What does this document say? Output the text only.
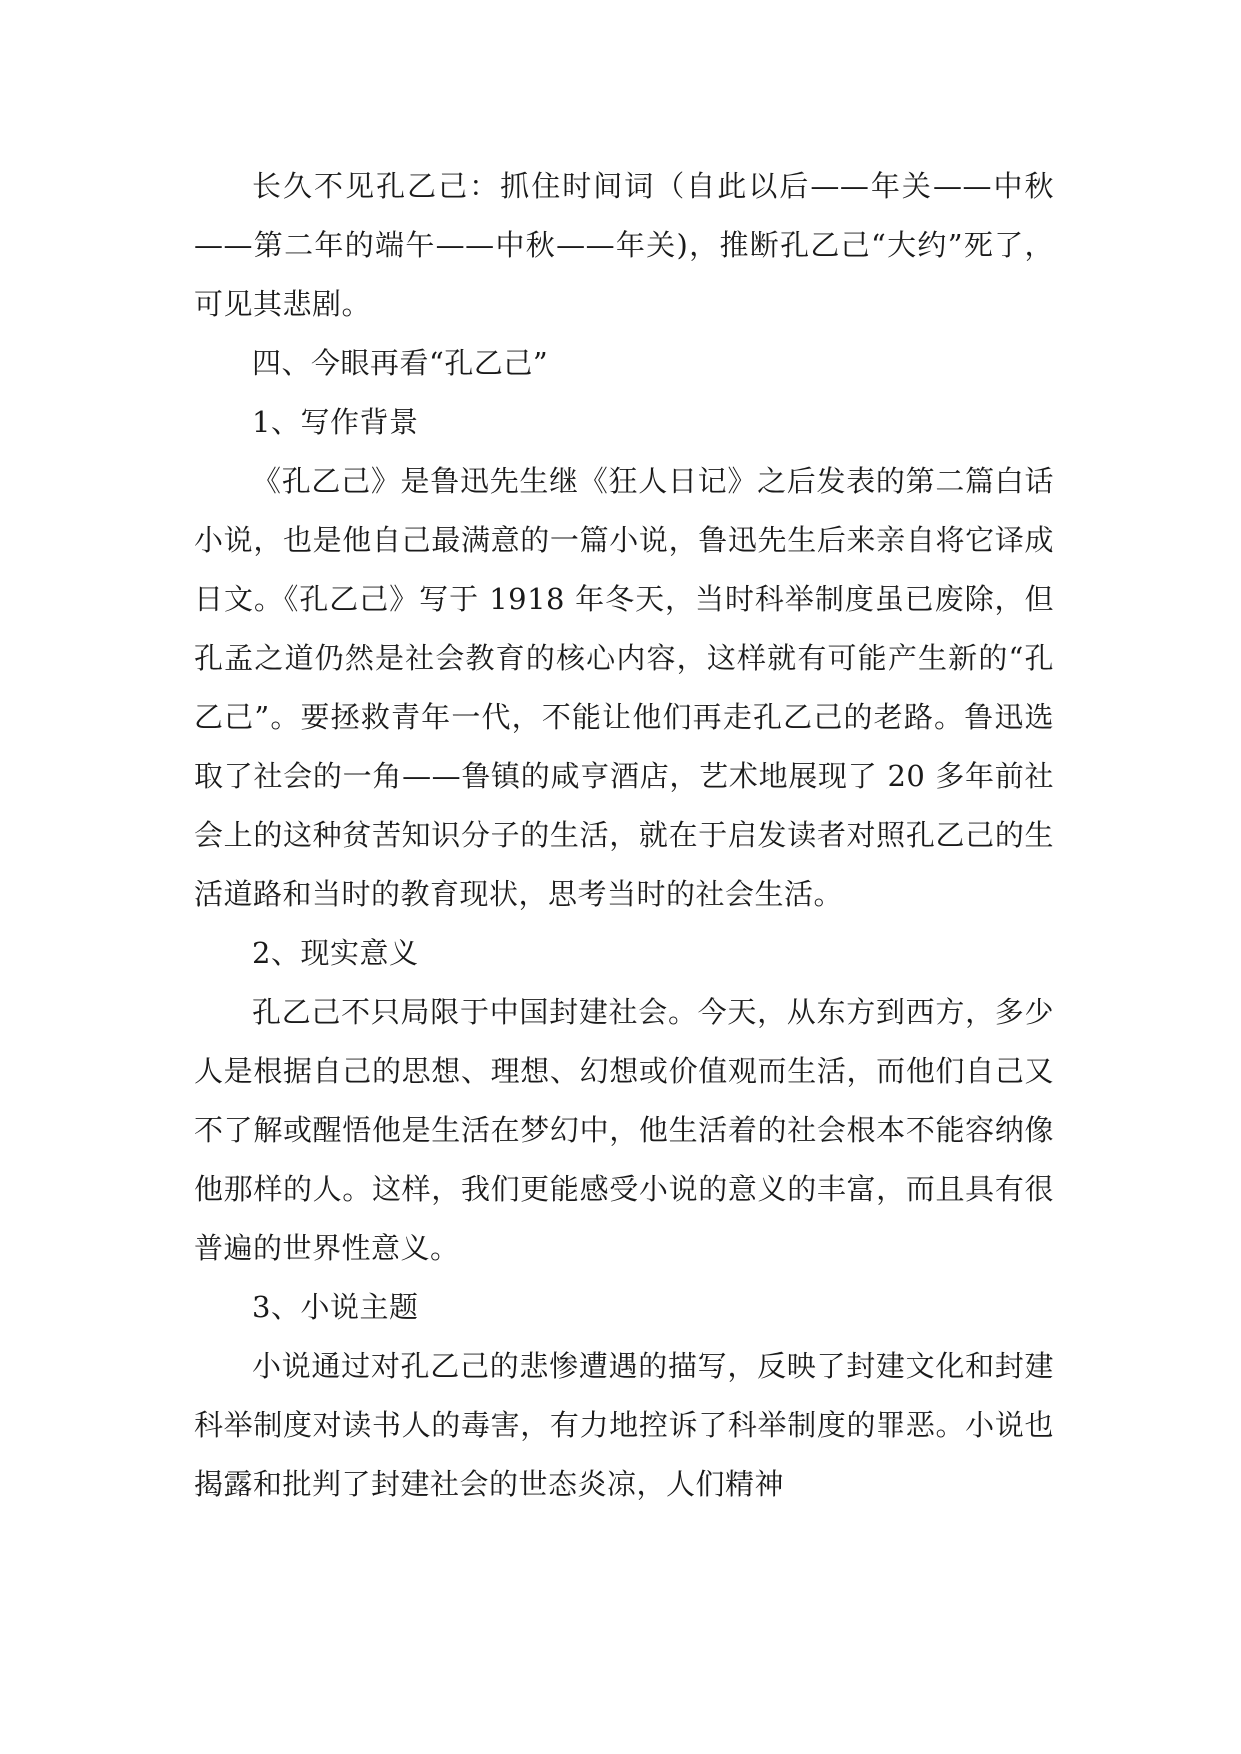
长久不见孔乙己：抓住时间词（自此以后——年关——中秋——第二年的端午——中秋——年关)，推断孔乙己“大约”死了，可见其悲剧。

四、今眼再看“孔乙己”

1、写作背景

《孔乙己》是鲁迅先生继《狂人日记》之后发表的第二篇白话小说，也是他自己最满意的一篇小说，鲁迅先生后来亲自将它译成日文。《孔乙己》写于 1918 年冬天，当时科举制度虽已废除，但孔孟之道仍然是社会教育的核心内容，这样就有可能产生新的“孔乙己”。要拯救青年一代，不能让他们再走孔乙己的老路。鲁迅选取了社会的一角——鲁镇的咸亨酒店，艺术地展现了 20 多年前社会上的这种贫苦知识分子的生活，就在于启发读者对照孔乙己的生活道路和当时的教育现状，思考当时的社会生活。

2、现实意义

孔乙己不只局限于中国封建社会。今天，从东方到西方，多少人是根据自己的思想、理想、幻想或价值观而生活，而他们自己又不了解或醒悟他是生活在梦幻中，他生活着的社会根本不能容纳像他那样的人。这样，我们更能感受小说的意义的丰富，而且具有很普遍的世界性意义。

3、小说主题

小说通过对孔乙己的悲惨遭遇的描写，反映了封建文化和封建科举制度对读书人的毒害，有力地控诉了科举制度的罪恶。小说也揭露和批判了封建社会的世态炎凉，人们精神
